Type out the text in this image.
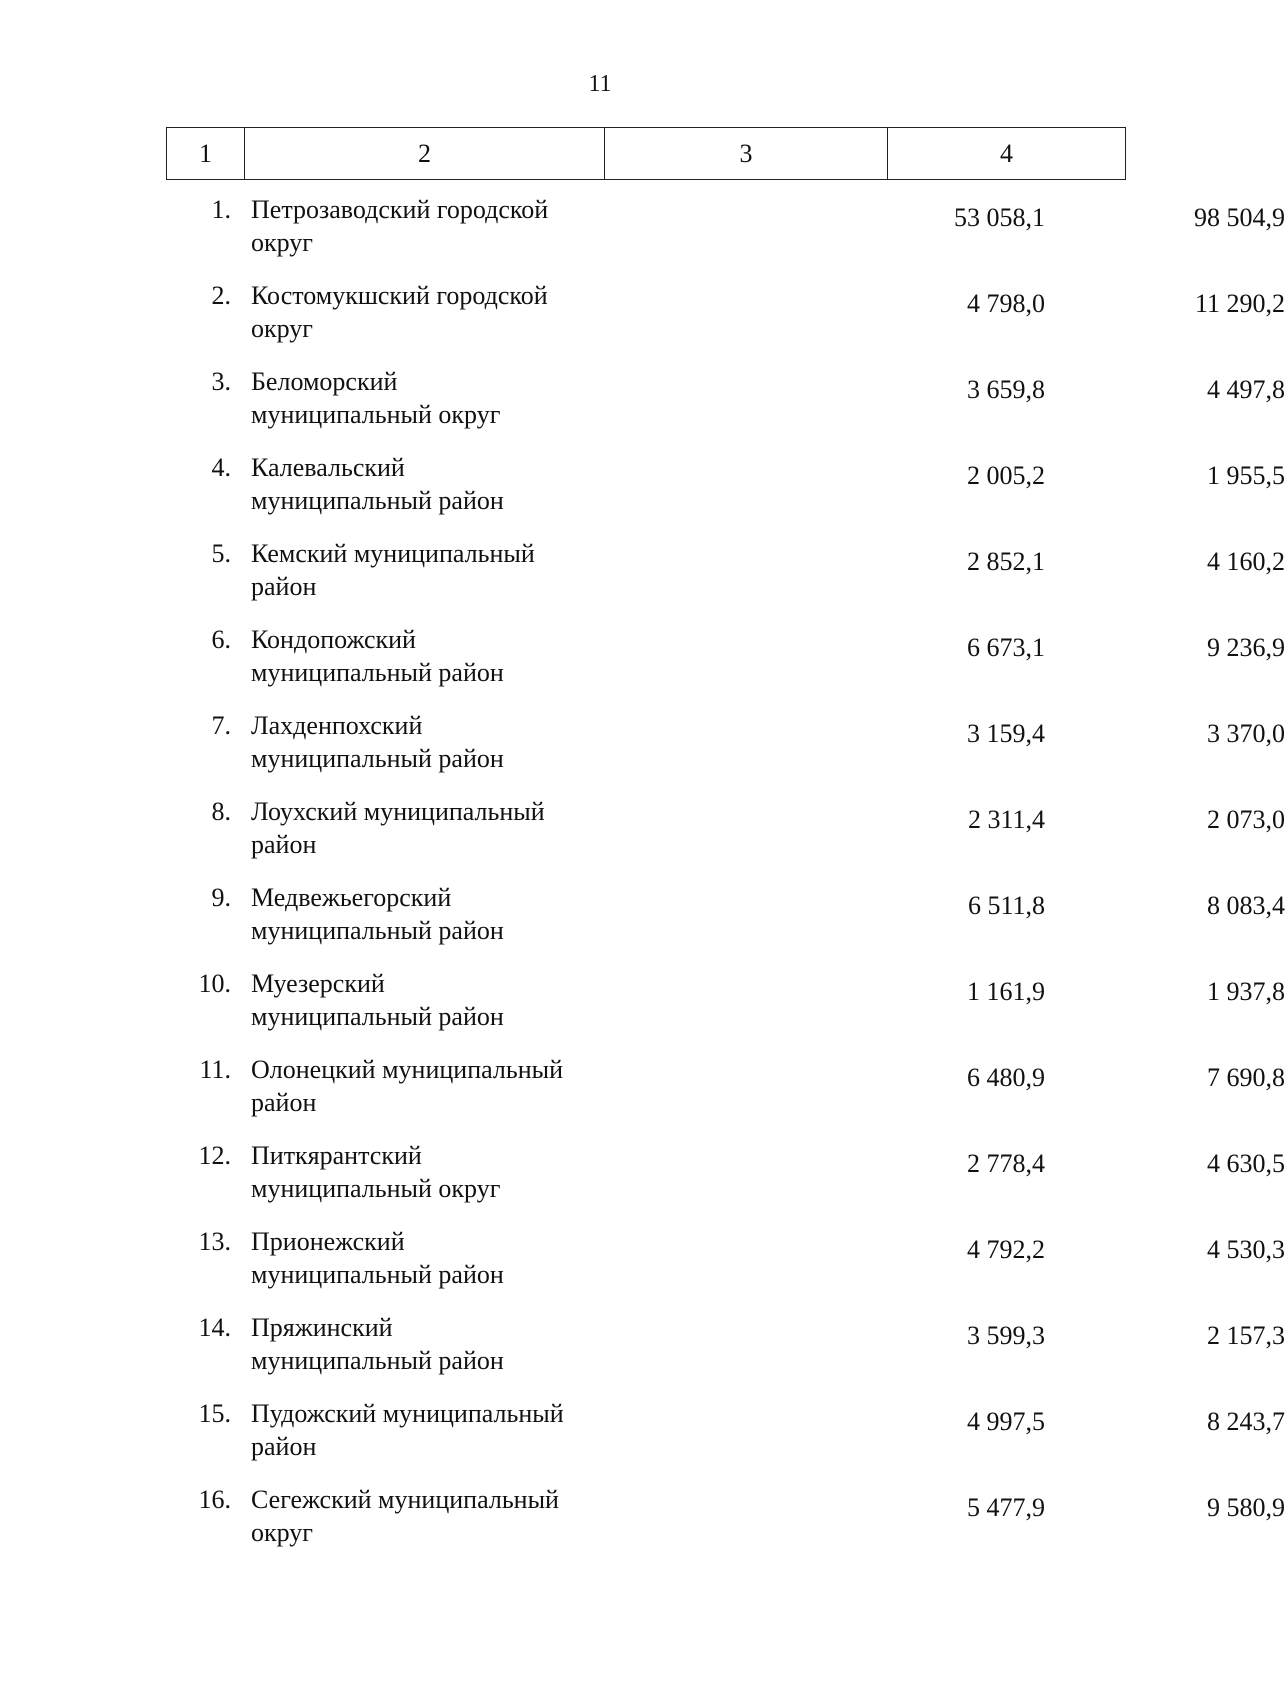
11
1	2	3	4
1. Петрозаводский городской
округ
53 058,1	98 504,9
2. Костомукшский городской
округ
4 798,0	11 290,2
3. Беломорский
муниципальный округ
3 659,8	4 497,8
4. Калевальский
муниципальный район
2 005,2	1 955,5
5. Кемский муниципальный
район
2 852,1	4 160,2
6. Кондопожский
муниципальный район
6 673,1	9 236,9
7. Лахденпохский
муниципальный район
3 159,4	3 370,0
8. Лоухский муниципальный
район
2 311,4	2 073,0
9. Медвежьегорский
муниципальный район
6 511,8	8 083,4
10. Муезерский
муниципальный район
1 161,9	1 937,8
11. Олонецкий муниципальный
район
6 480,9	7 690,8
12. Питкярантский
муниципальный округ
2 778,4	4 630,5
13. Прионежский
муниципальный район
4 792,2	4 530,3
14. Пряжинский
муниципальный район
3 599,3	2 157,3
15. Пудожский муниципальный
район
4 997,5	8 243,7
16. Сегежский муниципальный
округ
5 477,9	9 580,9
